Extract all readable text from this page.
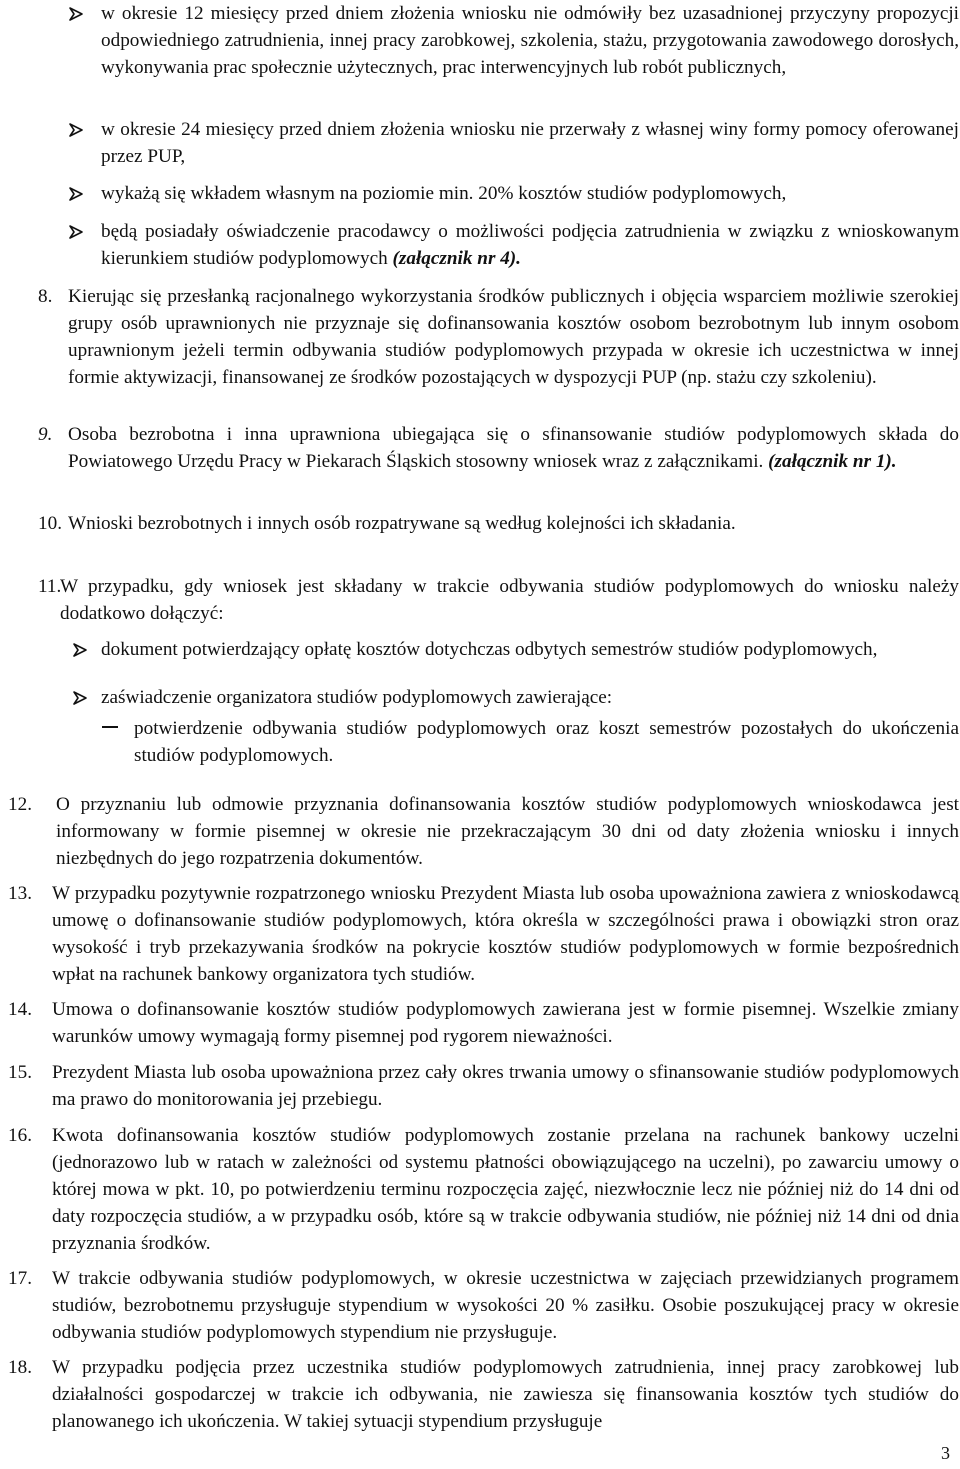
w okresie 12 miesięcy przed dniem złożenia wniosku nie odmówiły bez uzasadnionej przyczyny propozycji odpowiedniego zatrudnienia, innej pracy zarobkowej, szkolenia, stażu, przygotowania zawodowego dorosłych, wykonywania prac społecznie użytecznych, prac interwencyjnych lub robót publicznych,
w okresie 24 miesięcy przed dniem złożenia wniosku nie przerwały z własnej winy formy pomocy oferowanej przez PUP,
wykażą się wkładem własnym na poziomie min. 20% kosztów studiów podyplomowych,
będą posiadały oświadczenie pracodawcy o możliwości podjęcia zatrudnienia w związku z wnioskowanym kierunkiem studiów podyplomowych (załącznik nr 4).
8. Kierując się przesłanką racjonalnego wykorzystania środków publicznych i objęcia wsparciem możliwie szerokiej grupy osób uprawnionych nie przyznaje się dofinansowania kosztów osobom bezrobotnym lub innym osobom uprawnionym jeżeli termin odbywania studiów podyplomowych przypada w okresie ich uczestnictwa w innej formie aktywizacji, finansowanej ze środków pozostających w dyspozycji PUP (np. stażu czy szkoleniu).
9. Osoba bezrobotna i inna uprawniona ubiegająca się o sfinansowanie studiów podyplomowych składa do Powiatowego Urzędu Pracy w Piekarach Śląskich stosowny wniosek wraz z załącznikami. (załącznik nr 1).
10. Wnioski bezrobotnych i innych osób rozpatrywane są według kolejności ich składania.
11.
W przypadku, gdy wniosek jest składany w trakcie odbywania studiów podyplomowych do wniosku należy dodatkowo dołączyć:
dokument potwierdzający opłatę kosztów dotychczas odbytych semestrów studiów podyplomowych,
zaświadczenie organizatora studiów podyplomowych zawierające:
potwierdzenie odbywania studiów podyplomowych oraz koszt semestrów pozostałych do ukończenia studiów podyplomowych.
12. O przyznaniu lub odmowie przyznania dofinansowania kosztów studiów podyplomowych wnioskodawca jest informowany w formie pisemnej w okresie nie przekraczającym 30 dni od daty złożenia wniosku i innych niezbędnych do jego rozpatrzenia dokumentów.
13. W przypadku pozytywnie rozpatrzonego wniosku Prezydent Miasta lub osoba upoważniona zawiera z wnioskodawcą umowę o dofinansowanie studiów podyplomowych, która określa w szczególności prawa i obowiązki stron oraz wysokość i tryb przekazywania środków na pokrycie kosztów studiów podyplomowych w formie bezpośrednich wpłat na rachunek bankowy organizatora tych studiów.
14. Umowa o dofinansowanie kosztów studiów podyplomowych zawierana jest w formie pisemnej. Wszelkie zmiany warunków umowy wymagają formy pisemnej pod rygorem nieważności.
15. Prezydent Miasta lub osoba upoważniona przez cały okres trwania umowy o sfinansowanie studiów podyplomowych ma prawo do monitorowania jej przebiegu.
16. Kwota dofinansowania kosztów studiów podyplomowych zostanie przelana na rachunek bankowy uczelni (jednorazowo lub w ratach w zależności od systemu płatności obowiązującego na uczelni), po zawarciu umowy o której mowa w pkt. 10, po potwierdzeniu terminu rozpoczęcia zajęć, niezwłocznie lecz nie później niż do 14 dni od daty rozpoczęcia studiów, a w przypadku osób, które są w trakcie odbywania studiów, nie później niż 14 dni od dnia przyznania środków.
17. W trakcie odbywania studiów podyplomowych, w okresie uczestnictwa w zajęciach przewidzianych programem studiów, bezrobotnemu przysługuje stypendium w wysokości 20 % zasiłku. Osobie poszukującej pracy w okresie odbywania studiów podyplomowych stypendium nie przysługuje.
18. W przypadku podjęcia przez uczestnika studiów podyplomowych zatrudnienia, innej pracy zarobkowej lub działalności gospodarczej w trakcie ich odbywania, nie zawiesza się finansowania kosztów tych studiów do planowanego ich ukończenia. W takiej sytuacji stypendium przysługuje
3
